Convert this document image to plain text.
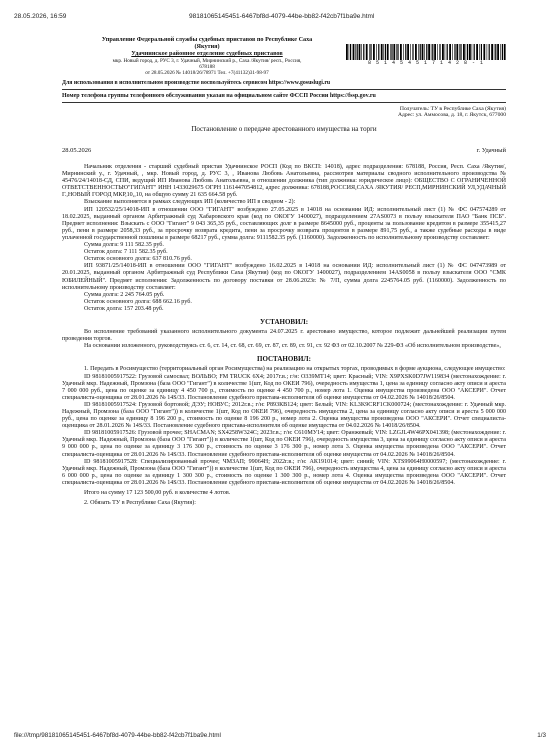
28.05.2026, 16:59	98181065145451-6467bf8d-4079-44be-bb82-f42cb7f1ba9e.html
Управление Федеральной службы судебных приставов по Республике Саха
(Якутия)
Удачнинское районное отделение судебных приставов
мкр. Новый город, д. РУС 3, г. Удачный, Мирнинский р., Саха /Якутия/ респ., Россия,
678188
от 28.05.2026 № 14018/26/78971 Тел. +7(41132)31-98-97
8 5 1 4 5 4 5 1 7 1 4 2 8 - 1
Для использования в исполнительном производстве воспользуйтесь сервисом https://www.gosuslugi.ru
Номер телефона группы телефонного обслуживания указан на официальном сайте ФССП России https://fssp.gov.ru
Получатель: ТУ в Республике Саха (Якутия)
Адрес: ул. Аммосова, д. 18, г. Якутск, 677000
Постановление о передаче арестованного имущества на торги
28.05.2026	г. Удачный
Начальник отделения - старший судебный пристав Удачнинское РОСП (Код по ВКСП: 14018), адрес подразделения: 678188, Россия, Респ. Саха /Якутия/, Мирнинский у., г. Удачный, , мкр. Новый город, д. РУС 3, , Иванова Любовь Анатольевна, рассмотрев материалы сводного исполнительного производства № 45476/24/14018-СД, СПИ, ведущий ИП Иванова Любовь Анатольевна, в отношении должника (тип должника: юридическое лицо): ОБЩЕСТВО С ОГРАНИЧЕННОЙ ОТВЕТСТВЕННОСТЬЮ"ГИГАНТ" ИНН 1433029675 ОГРН 1161447054812, адрес должника: 678188,РОССИЯ,САХА /ЯКУТИЯ/ РЕСП,МИРНИНСКИЙ УЛ,УДАЧНЫЙ Г.,НОВЫЙ ГОРОД МКР,10,,10, на общую сумму 21 635 664.58 руб.
Взыскание выполняется в рамках следующих ИП (количество ИП в сводном - 2):
ИП 120532/25/14018-ИП в отношении ООО "ГИГАНТ" возбуждено 27.05.2025 в 14018 на основании ИД: исполнительный лист (1) № ФС 047574289 от 18.02.2025, выданный органом Арбитражный суд Хабаровского края (код по ОКОГУ 1400027), подразделением 27АS0073 в пользу взыскателя ПАО "Банк ПСБ". Предмет исполнения: Взыскать с ООО "Гигант" 9 043 365,35 руб., составляющих долг в размере 8645000 руб., проценты за пользование кредитом в размере 355415,27 руб., пени в размере 2058,33 руб., за просрочку возврата кредита, пени за просрочку возврата процентов в размере 891,75 руб., а также судебные расходы в виде уплаченной государственной пошлины в размере 68217 руб., сумма долга: 9111582.35 руб. (1160000). Задолженность по исполнительному производству составляет:
Сумма долга: 9 111 582.35 руб.
Остаток долга: 7 111 582.35 руб.
Остаток основного долга: 637 810.76 руб.
ИП 93871/25/14018-ИП в отношении ООО "ГИГАНТ" возбуждено 16.02.2025 в 14018 на основании ИД: исполнительный лист (1) № ФС 047473989 от 20.01.2025, выданный органом Арбитражный суд Республики Саха (Якутия) (код по ОКОГУ 1400027), подразделением 14АS0058 в пользу взыскателя ООО "СМК ЮБИЛЕЙНЫЙ". Предмет исполнения: Задолженность по договору поставки от 28.06.2023г. № 7/П, сумма долга 2245764.05 руб. (1160000). Задолженность по исполнительному производству составляет:
Сумма долга: 2 245 764.05 руб.
Остаток основного долга: 688 662.16 руб.
Остаток долга: 157 203.48 руб.
УСТАНОВИЛ:
Во исполнение требований указанного исполнительного документа 24.07.2025 г. арестовано имущество, которое подлежит дальнейшей реализации путем проведения торгов.
На основании изложенного, руководствуясь ст. 6, ст. 14, ст. 68, ст. 69, ст. 87, ст. 89, ст. 91, ст. 92 ФЗ от 02.10.2007 № 229-ФЗ «Об исполнительном производстве»,
ПОСТАНОВИЛ:
1. Передать в Росимущество (территориальный орган Росимущества) на реализацию на открытых торгах, проводимых в форме аукциона, следующее имущество:
ID 98181005917522: Грузовой самосвал; ВОЛЬВО; FM TRUCK 6X4; 2017г.в.; г/н: О339МТ14; цвет: Красный; VIN: X9PXSK0D7JW119834 (местонахождение: г. Удачный мкр. Надежный, Промзона (база ООО "Гигант") в количестве 1(шт, Код по ОКЕИ 796), очередность имущества 1, цена за единицу согласно акту описи и ареста 7 000 000 руб., цена по оценке за единицу 4 450 700 р., стоимость по оценке 4 450 700 р., номер лота 1. Оценка имущества произведена ООО "АКСЕРИ". Отчет специалиста-оценщика от 28.01.2026 № 14S/33. Постановление судебного пристава-исполнителя об оценке имущества от 04.02.2026 № 14018/26/8504.
ID 98181005917524: Грузовой бортовой; ДЭУ; НОВУС; 2012г.в.; г/н: Р893КВ124; цвет: Белый; VIN: KL3K9CRF1CK000724; (местонахождение: г. Удачный мкр. Надежный, Промзона (база ООО "Гигант")) в количестве 1(шт, Код по ОКЕИ 796), очередность имущества 2, цена за единицу согласно акту описи и ареста 5 000 000 руб., цена по оценке за единицу 8 196 200 р., стоимость по оценке 8 196 200 р., номер лота 2. Оценка имущества произведена ООО "АКСЕРИ". Отчет специалиста-оценщика от 28.01.2026 № 14S/33. Постановление судебного пристава-исполнителя об оценке имущества от 04.02.2026 № 14018/26/8504.
ID 98181005917526: Грузовой прочее; SHACMAN; SX4258W324C; 2023г.в.; г/н: С610МУ14; цвет: Оранжевый; VIN: LZGJL4W46PX041398; (местонахождение: г. Удачный мкр. Надежный, Промзона (база ООО "Гигант")) в количестве 1(шт, Код по ОКЕИ 796), очередность имущества 3, цена за единицу согласно акту описи и ареста 9 000 000 р., цена по оценке за единицу 3 176 300 р., стоимость по оценке 3 176 300 р., номер лота 3. Оценка имущества произведена ООО "АКСЕРИ". Отчет специалиста-оценщика от 28.01.2026 № 14S/33. Постановление судебного пристава-исполнителя об оценке имущества от 04.02.2026 № 14018/26/8504.
ID 98181005917528: Специализированный прочее; ЧМЗАП; 99064Н; 2022г.в.; г/н: АК191014; цвет: синий; VIN: XTS99064H0000597; (местонахождение: г. Удачный мкр. Надежный, Промзона (база ООО "Гигант")) в количестве 1(шт, Код по ОКЕИ 796), очередность имущества 4, цена за единицу согласно акту описи и ареста 6 000 000 р., цена по оценке за единицу 1 300 300 р., стоимость по оценке 1 300 300 р., номер лота 4. Оценка имущества произведена ООО "АКСЕРИ". Отчет специалиста-оценщика от 28.01.2026 № 14S/33. Постановление судебного пристава-исполнителя об оценке имущества от 04.02.2026 № 14018/26/8504.
Итого на сумму 17 123 500,00 руб. в количестве 4 лотов.
2. Обязать ТУ в Республике Саха (Якутия):
file:///tmp/98181065145451-6467bf8d-4079-44be-bb82-f42cb7f1ba9e.html	1/3
